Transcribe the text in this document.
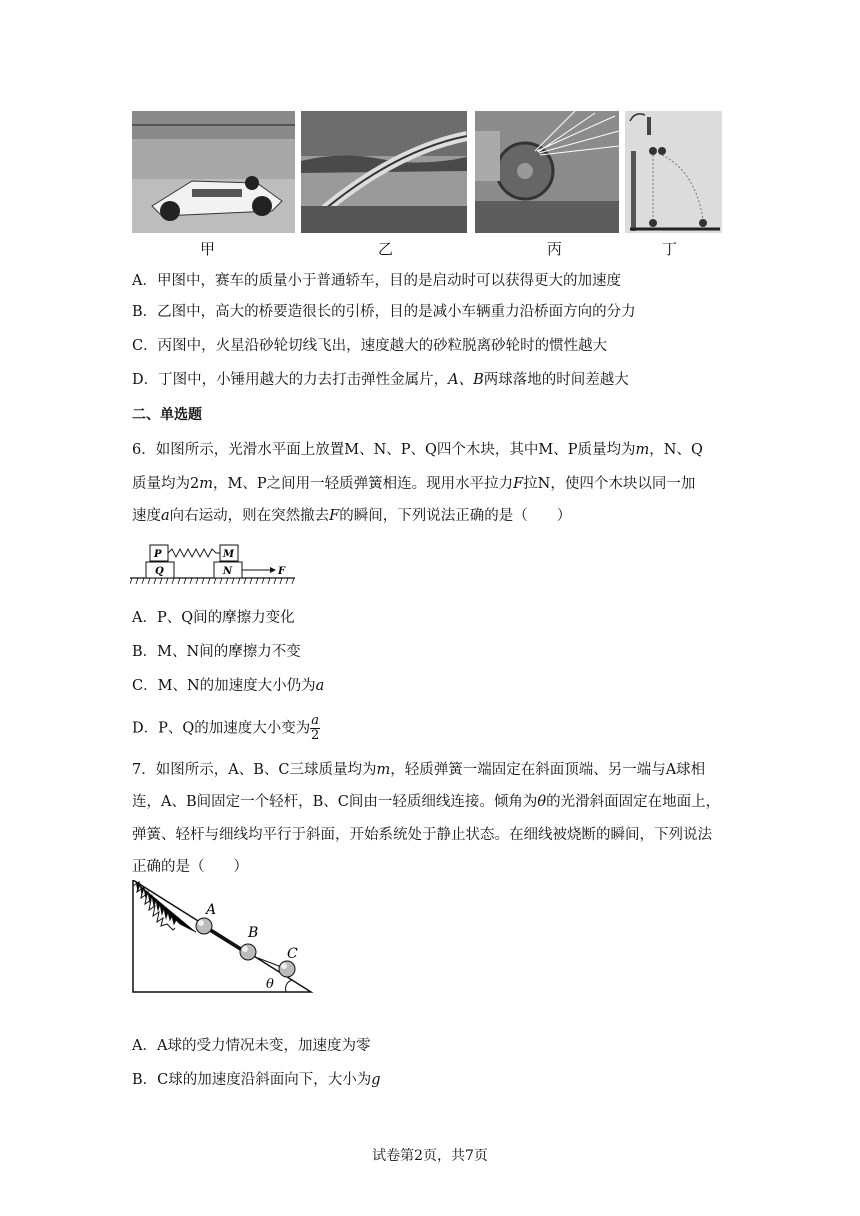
甲	乙	丙	丁
A．甲图中，赛车的质量小于普通轿车，目的是启动时可以获得更大的加速度
B．乙图中，高大的桥要造很长的引桥，目的是减小车辆重力沿桥面方向的分力
C．丙图中，火星沿砂轮切线飞出，速度越大的砂粒脱离砂轮时的惯性越大
D．丁图中，小锤用越大的力去打击弹性金属片，A、B两球落地的时间差越大
二、单选题
6．如图所示，光滑水平面上放置M、N、P、Q四个木块，其中M、P质量均为m，N、Q
质量均为2m，M、P之间用一轻质弹簧相连。现用水平拉力F拉N，使四个木块以同一加
速度a向右运动，则在突然撤去F的瞬间，下列说法正确的是（　　）
P	M
Q	N	F
A．P、Q间的摩擦力变化
B．M、N间的摩擦力不变
C．M、N的加速度大小仍为a
D．P、Q的加速度大小变为 $\frac{a}{2}$
7．如图所示，A、B、C三球质量均为m，轻质弹簧一端固定在斜面顶端、另一端与A球相
连，A、B间固定一个轻杆，B、C间由一轻质细线连接。倾角为θ的光滑斜面固定在地面上，
弹簧、轻杆与细线均平行于斜面，开始系统处于静止状态。在细线被烧断的瞬间，下列说法
正确的是（　　）
A
B
C
θ
A．A球的受力情况未变，加速度为零
B．C球的加速度沿斜面向下，大小为g
试卷第2页，共7页
